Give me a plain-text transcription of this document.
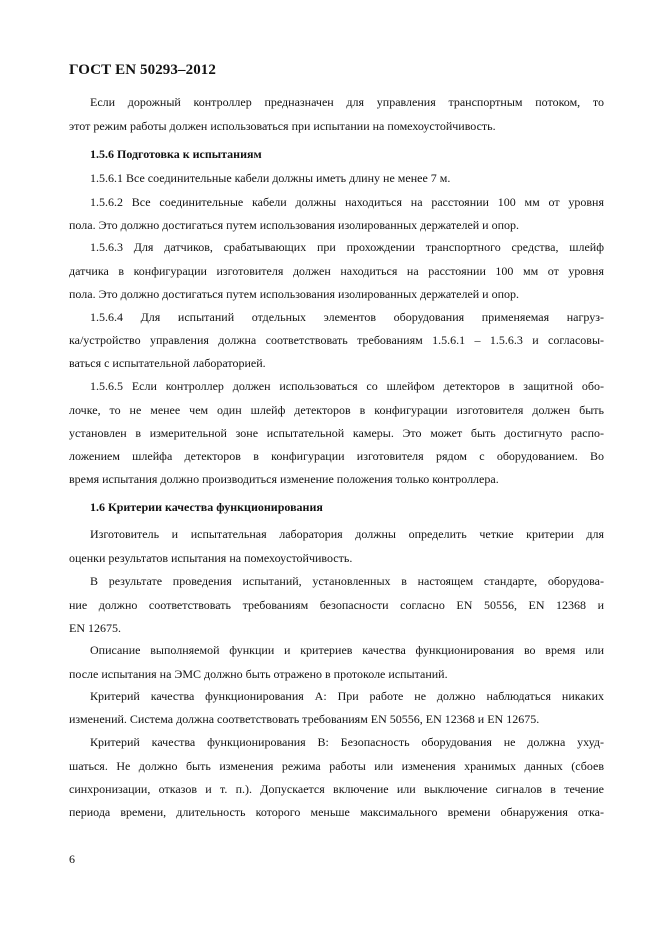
ГОСТ EN 50293–2012
Если дорожный контроллер предназначен для управления транспортным потоком, то
этот режим работы должен использоваться при испытании на помехоустойчивость.
1.5.6 Подготовка к испытаниям
1.5.6.1 Все соединительные кабели должны иметь длину не менее 7 м.
1.5.6.2 Все соединительные кабели должны находиться на расстоянии 100 мм от уровня
пола. Это должно достигаться путем использования изолированных держателей и опор.
1.5.6.3 Для датчиков, срабатывающих при прохождении транспортного средства, шлейф
датчика в конфигурации изготовителя должен находиться на расстоянии 100 мм от уровня
пола. Это должно достигаться путем использования изолированных держателей и опор.
1.5.6.4 Для испытаний отдельных элементов оборудования применяемая нагруз-
ка/устройство управления должна соответствовать требованиям 1.5.6.1 – 1.5.6.3 и согласовы-
ваться с испытательной лабораторией.
1.5.6.5 Если контроллер должен использоваться со шлейфом детекторов в защитной обо-
лочке, то не менее чем один шлейф детекторов в конфигурации изготовителя должен быть
установлен в измерительной зоне испытательной камеры. Это может быть достигнуто распо-
ложением шлейфа детекторов в конфигурации изготовителя рядом с оборудованием. Во
время испытания должно производиться изменение положения только контроллера.
1.6 Критерии качества функционирования
Изготовитель и испытательная лаборатория должны определить четкие критерии для
оценки результатов испытания на помехоустойчивость.
В результате проведения испытаний, установленных в настоящем стандарте, оборудова-
ние должно соответствовать требованиям безопасности согласно EN 50556, EN 12368 и
EN 12675.
Описание выполняемой функции и критериев качества функционирования во время или
после испытания на ЭМС должно быть отражено в протоколе испытаний.
Критерий качества функционирования А: При работе не должно наблюдаться никаких
изменений. Система должна соответствовать требованиям EN 50556, EN 12368 и EN 12675.
Критерий качества функционирования В: Безопасность оборудования не должна ухуд-
шаться. Не должно быть изменения режима работы или изменения хранимых данных (сбоев
синхронизации, отказов и т. п.). Допускается включение или выключение сигналов в течение
периода времени, длительность которого меньше максимального времени обнаружения отка-
6
